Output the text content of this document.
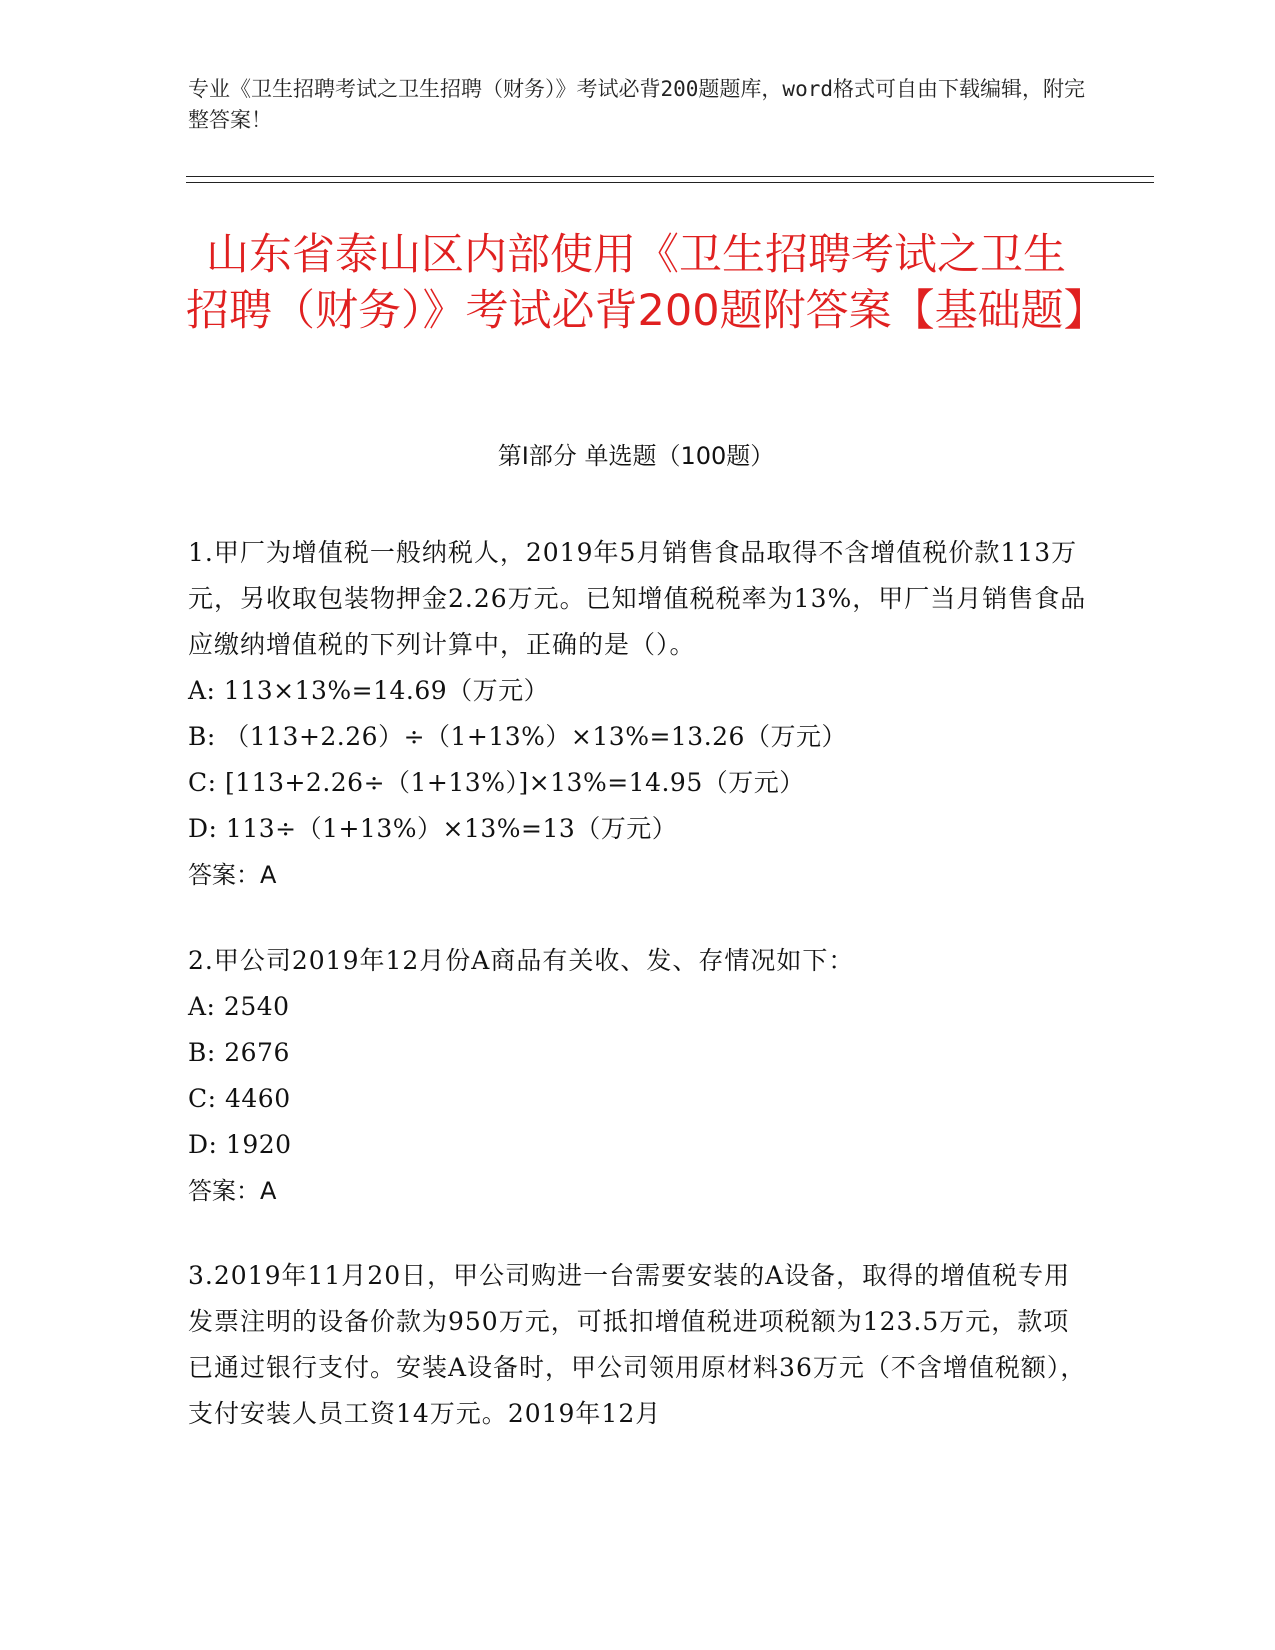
专业《卫生招聘考试之卫生招聘（财务）》考试必背200题题库，word格式可自由下载编辑，附完整答案！
山东省泰山区内部使用《卫生招聘考试之卫生招聘（财务）》考试必背200题附答案【基础题】
第Ⅰ部分 单选题（100题）

1.甲厂为增值税一般纳税人，2019年5月销售食品取得不含增值税价款113万元，另收取包装物押金2.26万元。已知增值税税率为13%，甲厂当月销售食品应缴纳增值税的下列计算中，正确的是（）。

A: 113×13%=14.69（万元）

B: （113+2.26）÷（1+13%）×13%=13.26（万元）

C: [113+2.26÷（1+13%）]×13%=14.95（万元）

D: 113÷（1+13%）×13%=13（万元）

答案：A

2.甲公司2019年12月份A商品有关收、发、存情况如下：

A: 2540

B: 2676

C: 4460

D: 1920

答案：A

3.2019年11月20日，甲公司购进一台需要安装的A设备，取得的增值税专用发票注明的设备价款为950万元，可抵扣增值税进项税额为123.5万元，款项已通过银行支付。安装A设备时，甲公司领用原材料36万元（不含增值税额），支付安装人员工资14万元。2019年12月
